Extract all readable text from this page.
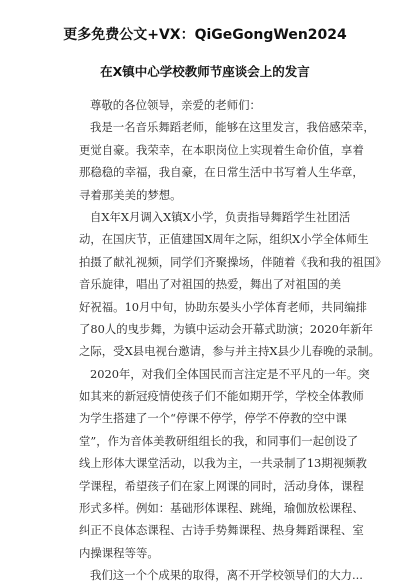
更多免费公文+VX：QiGeGongWen2024
在X镇中心学校教师节座谈会上的发言
尊敬的各位领导，亲爱的老师们：
我是一名音乐舞蹈老师，能够在这里发言，我倍感荣幸，
更觉自豪。我荣幸，在本职岗位上实现着生命价值，享着
那稳稳的幸福，我自豪，在日常生活中书写着人生华章，
寻着那美美的梦想。
自X年X月调入X镇X小学，负责指导舞蹈学生社团活
动，在国庆节，正值建国X周年之际，组织X小学全体师生
拍摄了献礼视频，同学们齐聚操场，伴随着《我和我的祖国》
音乐旋律，唱出了对祖国的热爱，舞出了对祖国的美
好祝福。10月中旬，协助东晏头小学体育老师，共同编排
了80人的曳步舞，为镇中运动会开幕式助演；2020年新年
之际，受X县电视台邀请，参与并主持X县少儿春晚的录制。
2020年，对我们全体国民而言注定是不平凡的一年。突
如其来的新冠疫情使孩子们不能如期开学，学校全体教师
为学生搭建了一个“停课不停学，停学不停教的空中课
堂”，作为音体美教研组组长的我，和同事们一起创设了
线上形体大课堂活动，以我为主，一共录制了13期视频教
学课程，希望孩子们在家上网课的同时，活动身体，课程
形式多样。例如：基础形体课程、跳绳，瑜伽放松课程、
纠正不良体态课程、古诗手势舞课程、热身舞蹈课程、室
内操课程等等。
我们这一个个成果的取得，离不开学校领导们的大力...
